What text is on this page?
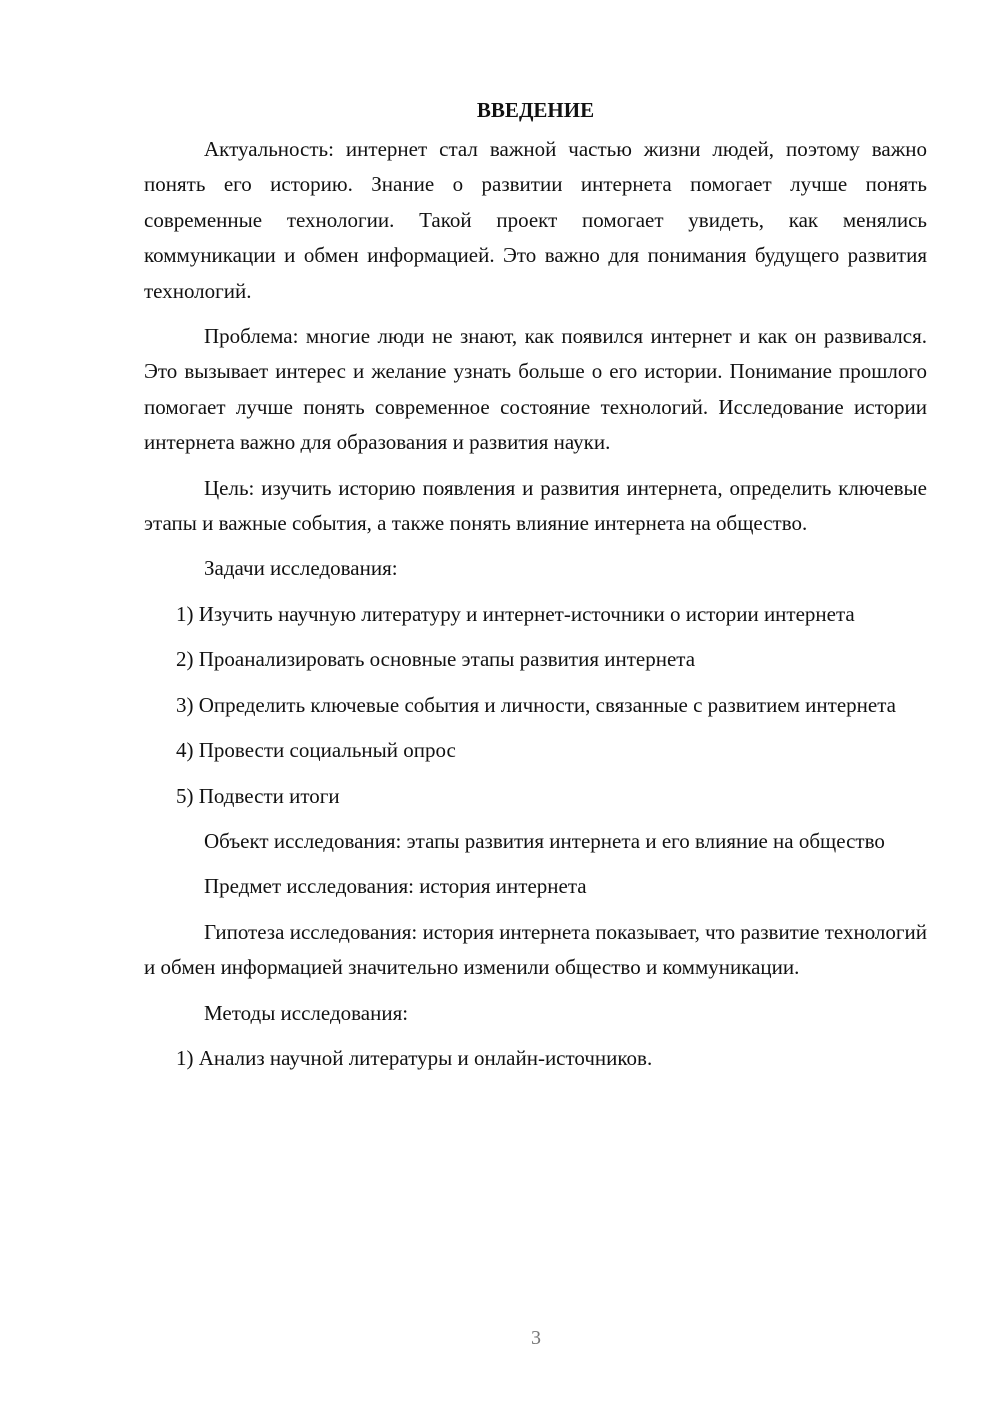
ВВЕДЕНИЕ

Актуальность: интернет стал важной частью жизни людей, поэтому важно понять его историю. Знание о развитии интернета помогает лучше понять современные технологии. Такой проект помогает увидеть, как менялись коммуникации и обмен информацией. Это важно для понимания будущего развития технологий.

Проблема: многие люди не знают, как появился интернет и как он развивался. Это вызывает интерес и желание узнать больше о его истории. Понимание прошлого помогает лучше понять современное состояние технологий. Исследование истории интернета важно для образования и развития науки.

Цель: изучить историю появления и развития интернета, определить ключевые этапы и важные события, а также понять влияние интернета на общество.

Задачи исследования:

1) Изучить научную литературу и интернет-источники о истории интернета

2) Проанализировать основные этапы развития интернета

3) Определить ключевые события и личности, связанные с развитием интернета

4) Провести социальный опрос

5) Подвести итоги

Объект исследования: этапы развития интернета и его влияние на общество

Предмет исследования: история интернета

Гипотеза исследования: история интернета показывает, что развитие технологий и обмен информацией значительно изменили общество и коммуникации.

Методы исследования:

1) Анализ научной литературы и онлайн-источников.

3
